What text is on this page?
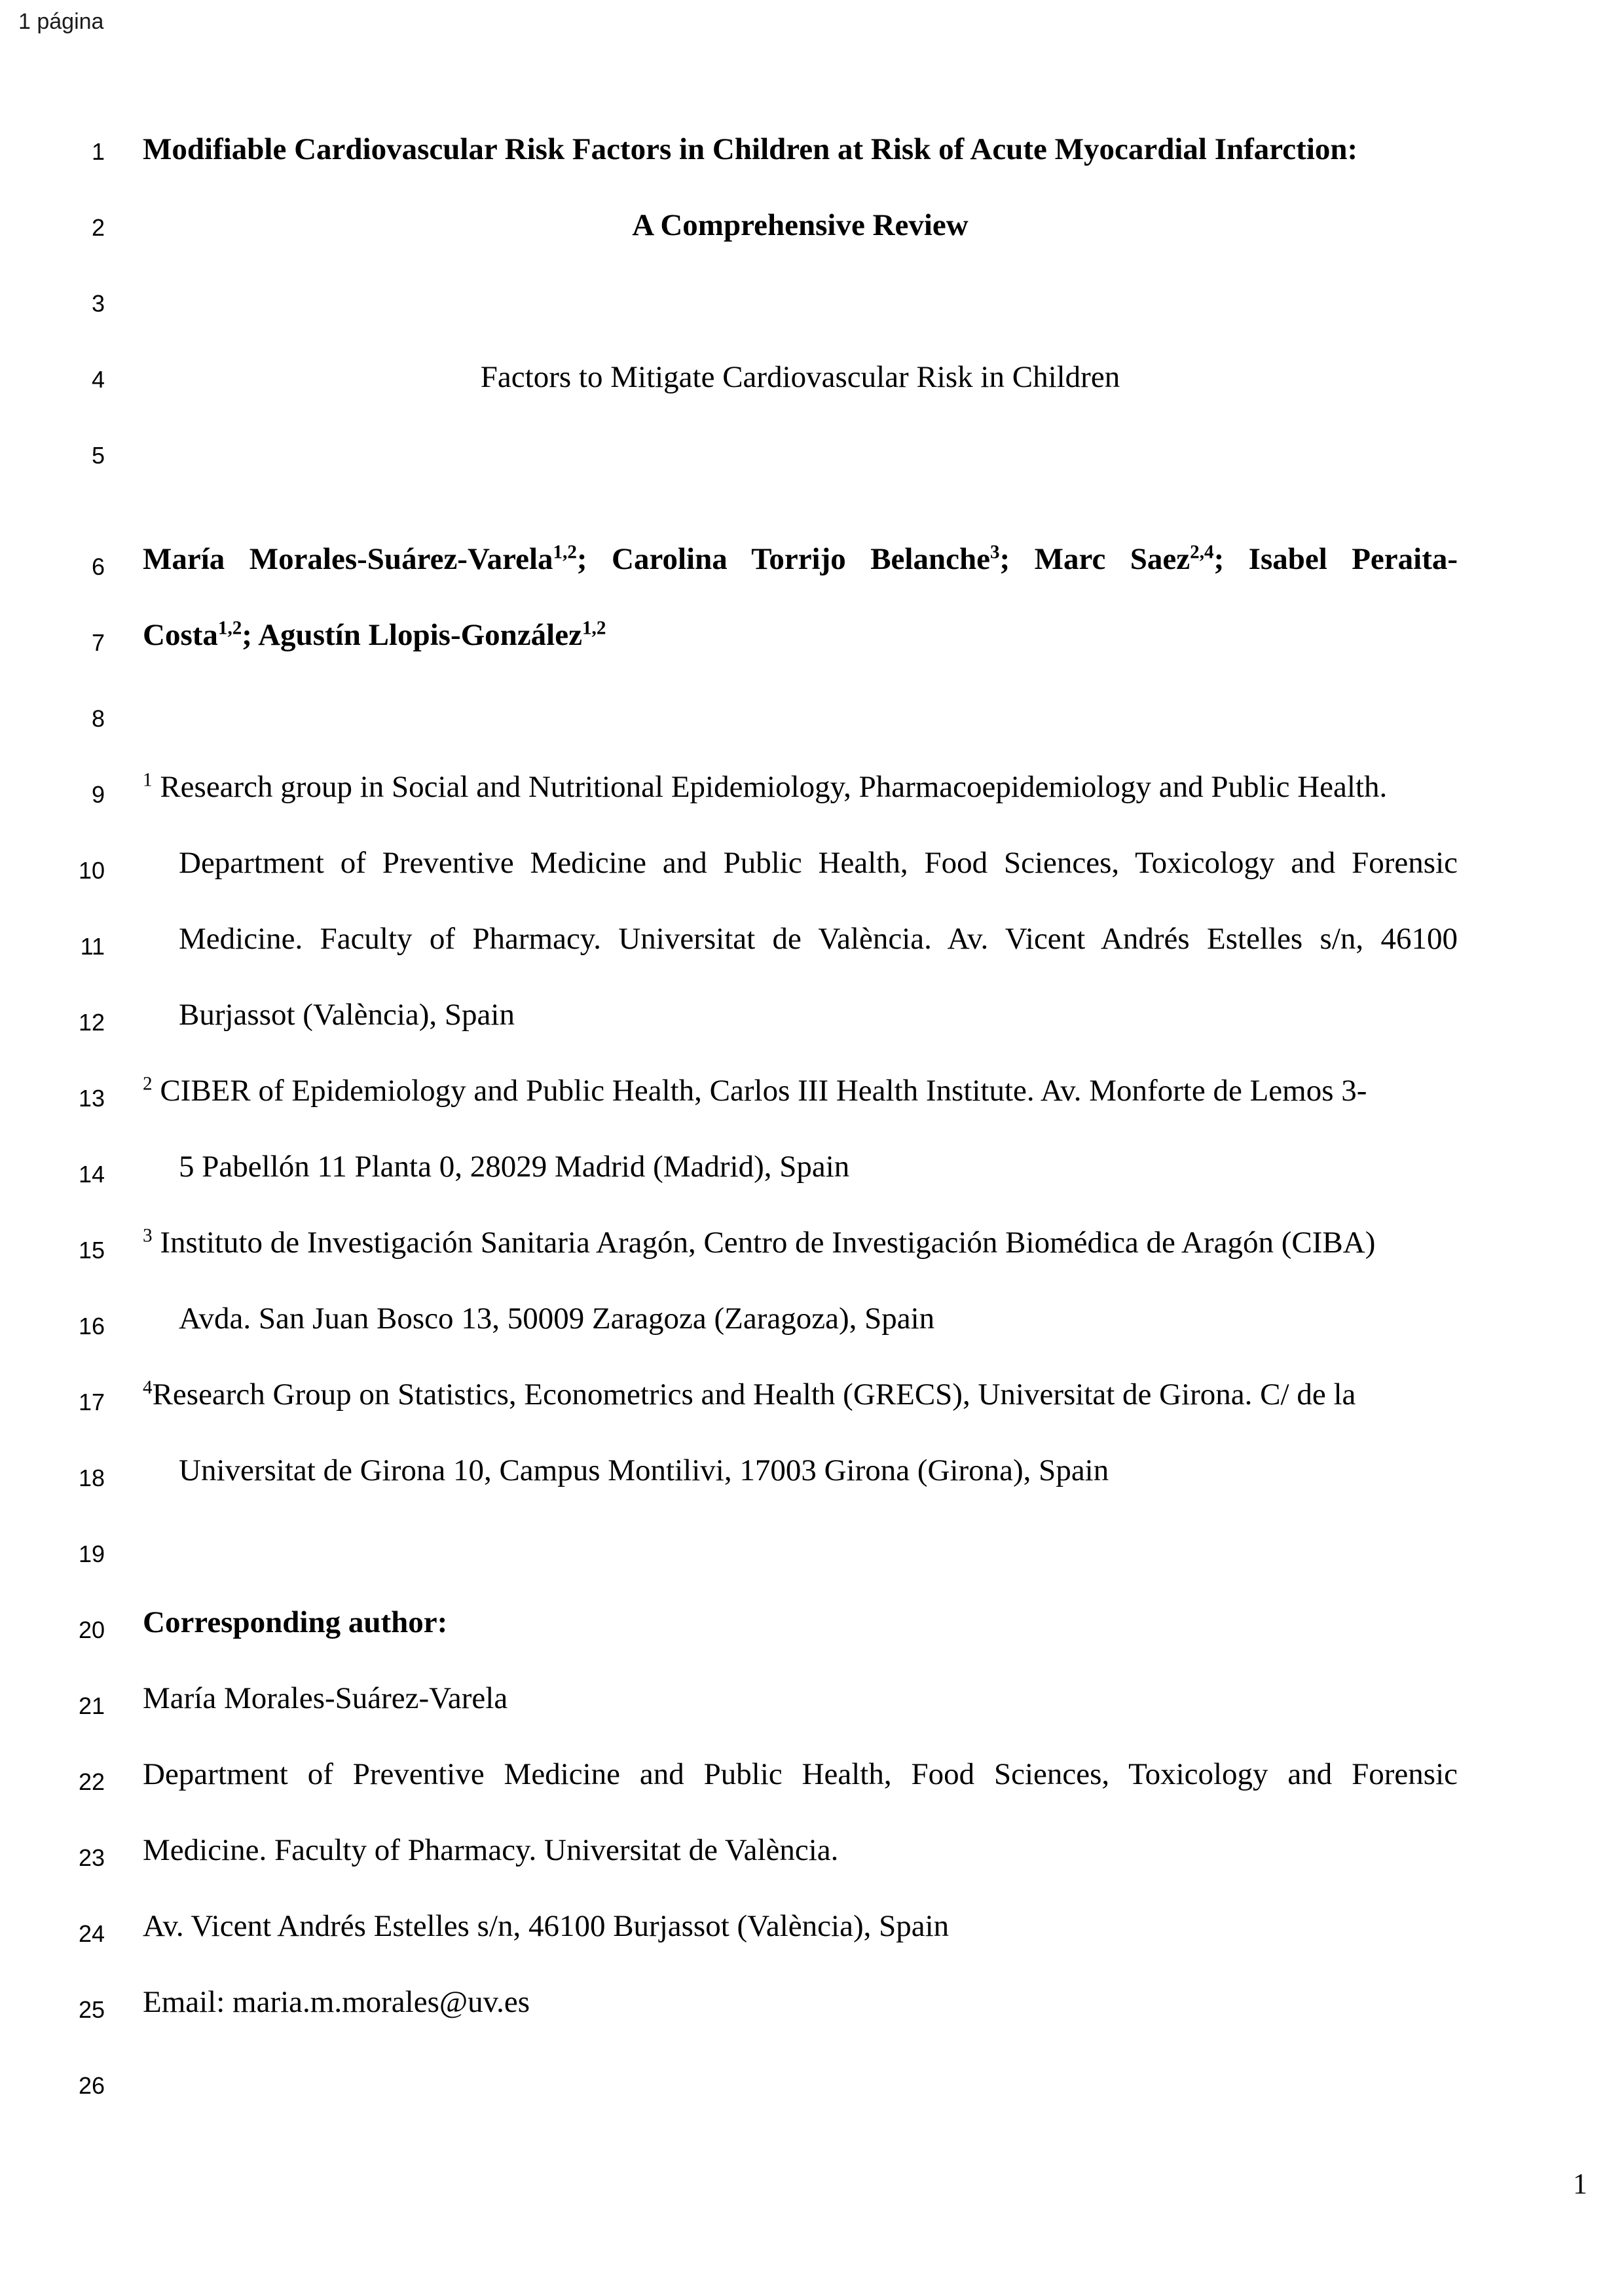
1 página
1
2
3
4
5
6
7
8
9
10
11
12
13
14
15
16
17
18
19
20
21
22
23
24
25
26
Modifiable Cardiovascular Risk Factors in Children at Risk of Acute Myocardial Infarction:
A Comprehensive Review
Factors to Mitigate Cardiovascular Risk in Children
María Morales-Suárez-Varela$^{1,2}$; Carolina Torrijo Belanche$^3$; Marc Saez$^{2,4}$; Isabel Peraita-
Costa$^{1,2}$; Agustín Llopis-González$^{1,2}$
$^1$ Research group in Social and Nutritional Epidemiology, Pharmacoepidemiology and Public Health.
Department of Preventive Medicine and Public Health, Food Sciences, Toxicology and Forensic
Medicine. Faculty of Pharmacy. Universitat de València. Av. Vicent Andrés Estelles s/n, 46100
Burjassot (València), Spain
$^2$ CIBER of Epidemiology and Public Health, Carlos III Health Institute. Av. Monforte de Lemos 3-
5 Pabellón 11 Planta 0, 28029 Madrid (Madrid), Spain
$^3$ Instituto de Investigación Sanitaria Aragón, Centro de Investigación Biomédica de Aragón (CIBA)
Avda. San Juan Bosco 13, 50009 Zaragoza (Zaragoza), Spain
$^4$Research Group on Statistics, Econometrics and Health (GRECS), Universitat de Girona. C/ de la
Universitat de Girona 10, Campus Montilivi, 17003 Girona (Girona), Spain
Corresponding author:
María Morales-Suárez-Varela
Department of Preventive Medicine and Public Health, Food Sciences, Toxicology and Forensic
Medicine. Faculty of Pharmacy. Universitat de València.
Av. Vicent Andrés Estelles s/n, 46100 Burjassot (València), Spain
Email: maria.m.morales@uv.es
1
